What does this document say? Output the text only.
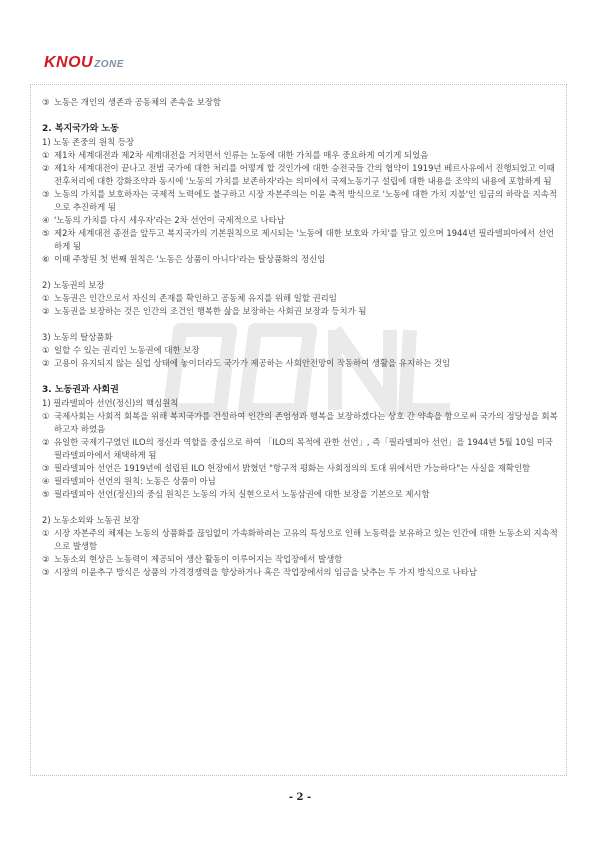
KNOU ZONE
③ 노동은 개인의 생존과 공동체의 존속을 보장함
2. 복지국가와 노동
1) 노동 존중의 원칙 등장
① 제1차 세계대전과 제2차 세계대전을 거치면서 인류는 노동에 대한 가치를 매우 중요하게 여기게 되었음
② 제1차 세계대전이 끝나고 전범 국가에 대한 처리를 어떻게 할 것인가에 대한 승전국들 간의 협약이 1919년 베르사유에서 진행되었고 이때 전후처리에 대한 강화조약과 동시에 '노동의 가치를 보존하자'라는 의미에서 국제노동기구 설립에 대한 내용을 조약의 내용에 포함하게 됨
③ 노동의 가치를 보호하자는 국제적 노력에도 불구하고 시장 자본주의는 이윤 축적 방식으로 '노동에 대한 가치 지불'인 임금의 하락을 지속적으로 추진하게 됨
④ '노동의 가치를 다시 세우자'라는 2차 선언이 국제적으로 나타남
⑤ 제2차 세계대전 종전을 앞두고 복지국가의 기본원칙으로 제시되는 '노동에 대한 보호와 가치'를 담고 있으며 1944년 필라델피아에서 선언하게 됨
⑥ 이때 주창된 첫 번째 원칙은 '노동은 상품이 아니다'라는 탈상품화의 정신임
2) 노동권의 보장
① 노동권은 인간으로서 자신의 존재를 확인하고 공동체 유지를 위해 일할 권리임
② 노동권을 보장하는 것은 인간의 조건인 행복한 삶을 보장하는 사회권 보장과 등치가 됨
3) 노동의 탈상품화
① 일할 수 있는 권리인 노동권에 대한 보장
② 고용이 유지되지 않는 실업 상태에 놓이더라도 국가가 제공하는 사회안전망이 작동하여 생활을 유지하는 것임
3. 노동권과 사회권
1) 필라델피아 선언(정신)의 핵심원칙
① 국제사회는 사회적 회복을 위해 복지국가를 건설하여 인간의 존엄성과 행복을 보장하겠다는 상호 간 약속을 함으로써 국가의 정당성을 회복하고자 하였음
② 유일한 국제기구였던 ILO의 정신과 역할을 중심으로 하여 「ILO의 목적에 관한 선언」, 즉「필라델피아 선언」을 1944년 5월 10일 미국 필라델피아에서 채택하게 됨
③ 필라델피아 선언은 1919년에 설립된 ILO 헌장에서 밝혔던 "항구적 평화는 사회정의의 토대 위에서만 가능하다"는 사실을 재확인함
④ 필라델피아 선언의 원칙: 노동은 상품이 아님
⑤ 필라델피아 선언(정신)의 중심 원칙은 노동의 가치 실현으로서 노동삼권에 대한 보장을 기본으로 제시함
2) 노동소외와 노동권 보장
① 시장 자본주의 체제는 노동의 상품화를 끊임없이 가속화하려는 고유의 특성으로 인해 노동력을 보유하고 있는 인간에 대한 노동소외 지속적으로 발생함
② 노동소외 현상은 노동력이 제공되어 생산 활동이 이루어지는 작업장에서 발생함
③ 시장의 이윤추구 방식은 상품의 가격경쟁력을 향상하거나 혹은 작업장에서의 임금을 낮추는 두 가지 방식으로 나타남
- 2 -
